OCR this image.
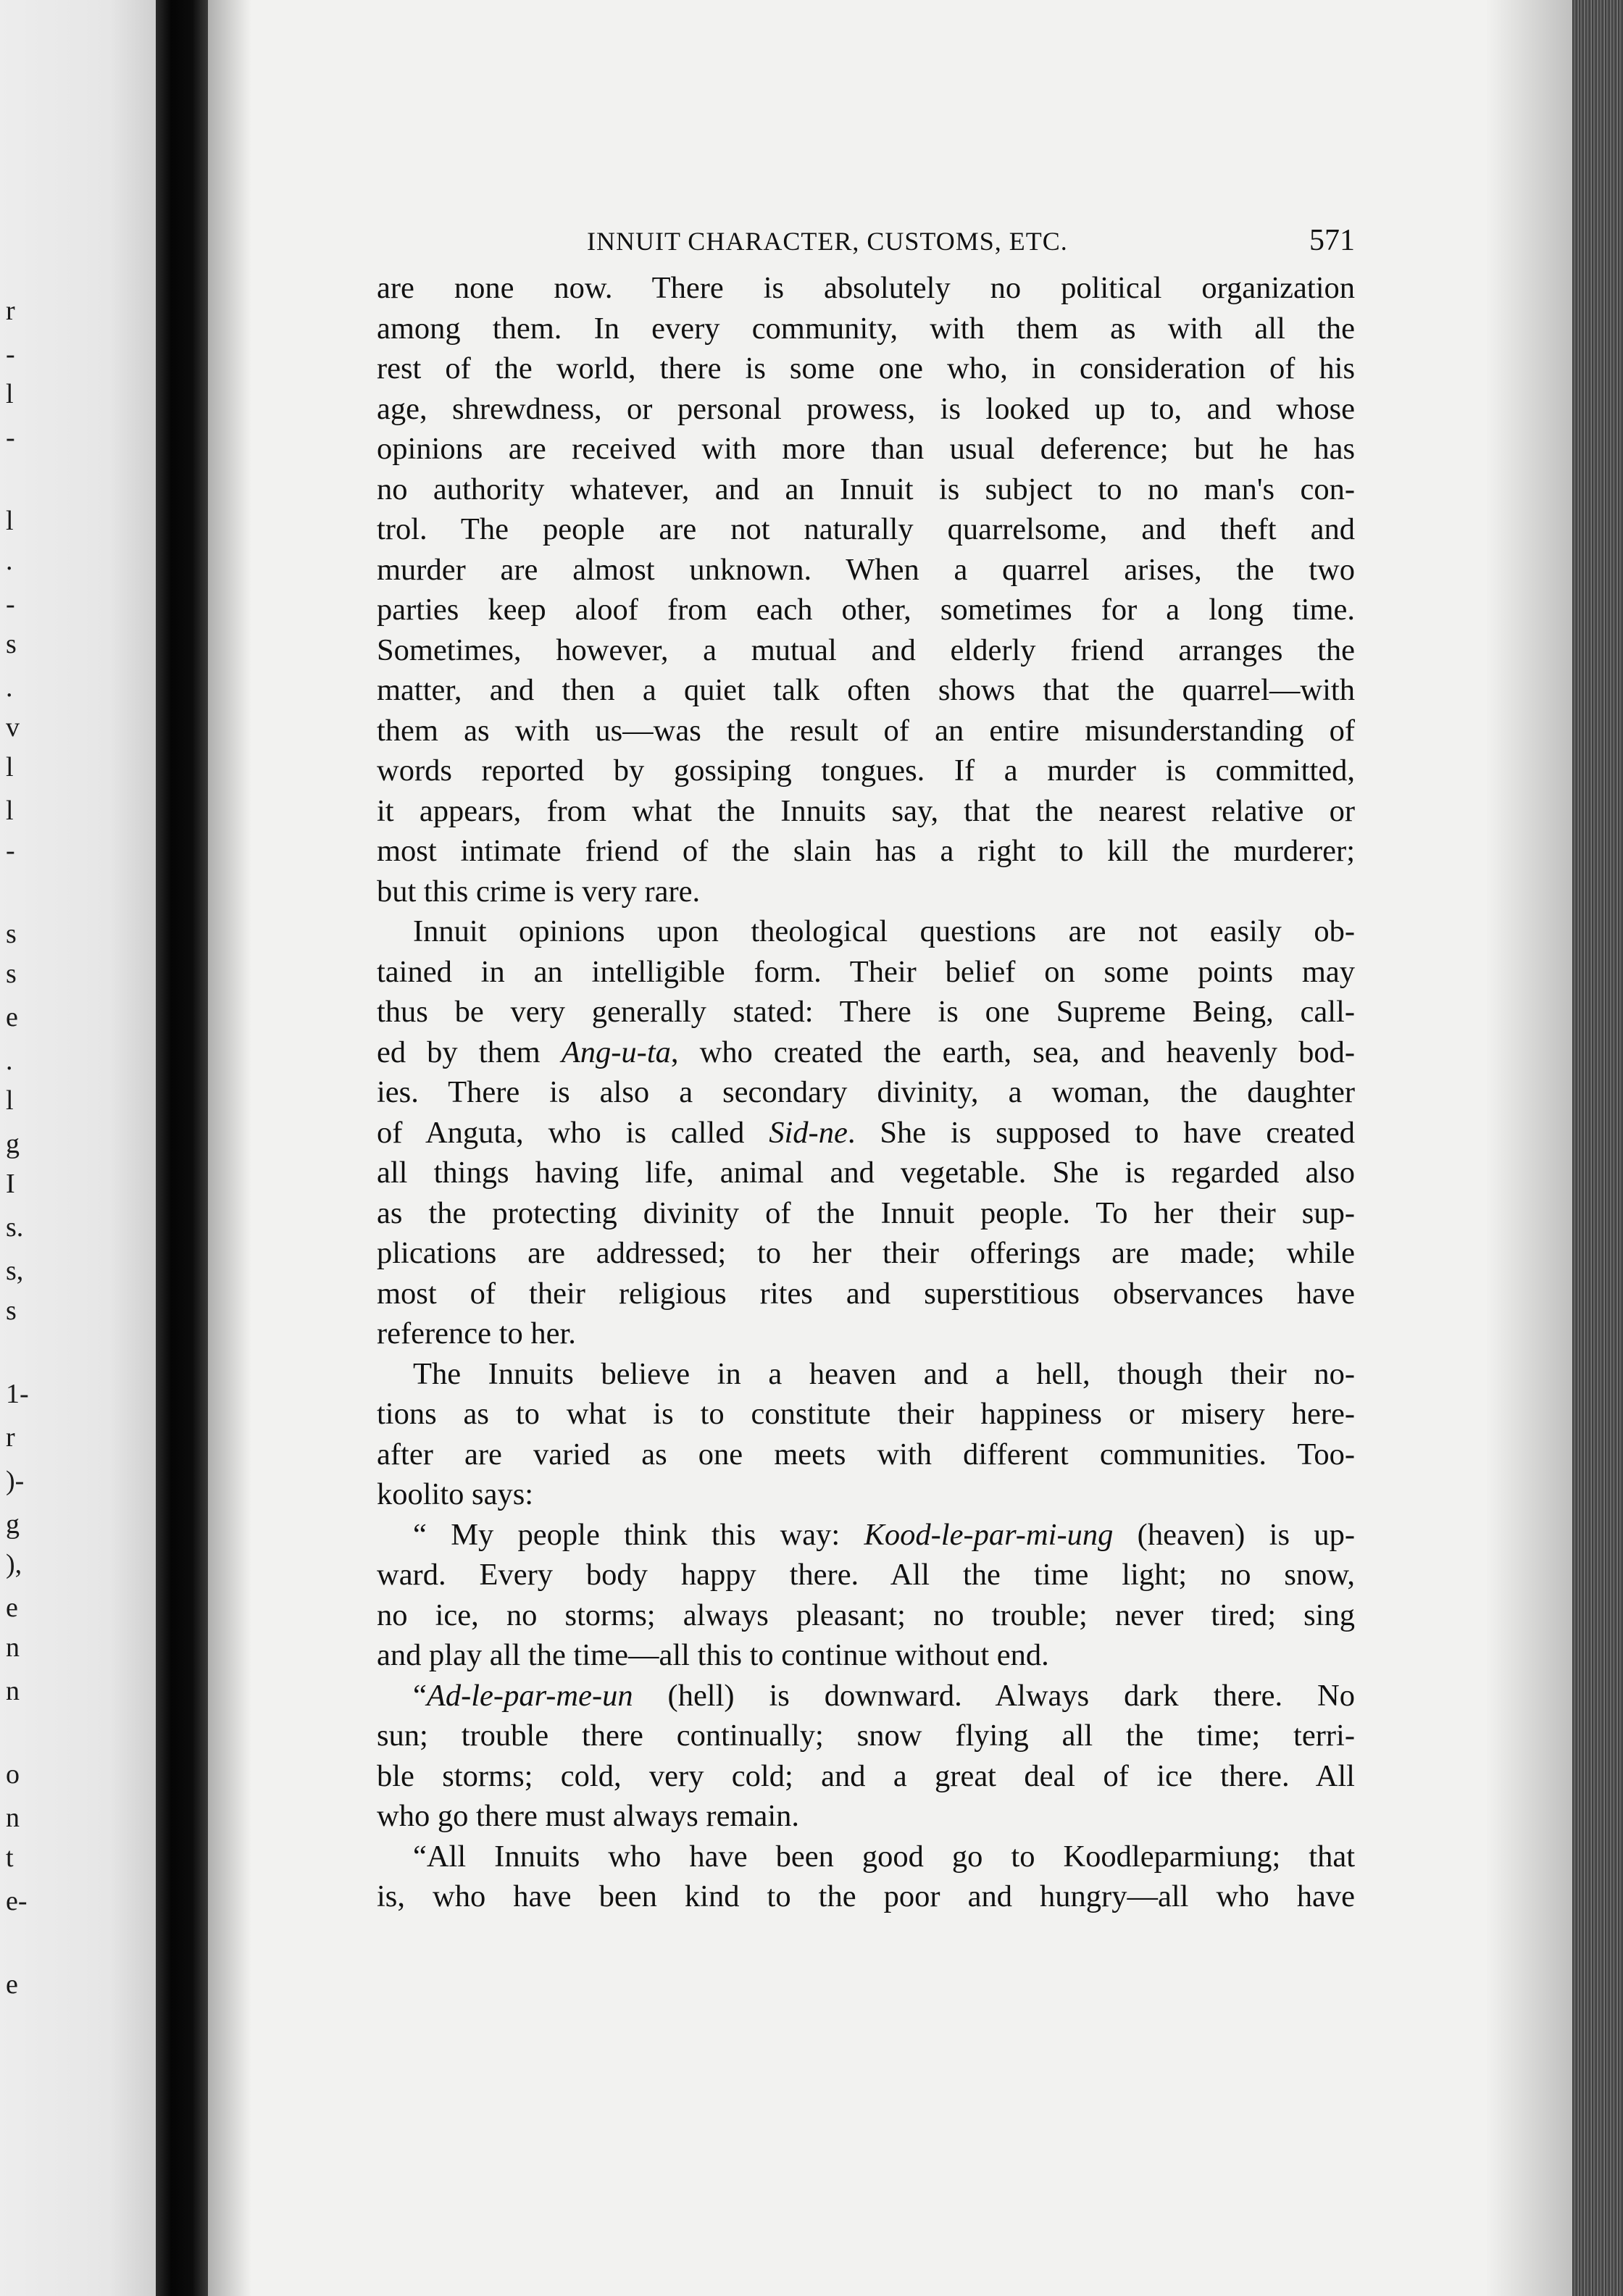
r
-
l
-
l
.
-
s
.
v
l
l
-
s
s
e
.
l
g
I
s.
s,
s
1-
r
)-
g
),
e
n
n
o
n
t
e-
e
INNUIT CHARACTER, CUSTOMS, ETC.	571
are none now. There is absolutely no political organization
among them. In every community, with them as with all the
rest of the world, there is some one who, in consideration of his
age, shrewdness, or personal prowess, is looked up to, and whose
opinions are received with more than usual deference; but he has
no authority whatever, and an Innuit is subject to no man's con-
trol. The people are not naturally quarrelsome, and theft and
murder are almost unknown. When a quarrel arises, the two
parties keep aloof from each other, sometimes for a long time.
Sometimes, however, a mutual and elderly friend arranges the
matter, and then a quiet talk often shows that the quarrel—with
them as with us—was the result of an entire misunderstanding of
words reported by gossiping tongues. If a murder is committed,
it appears, from what the Innuits say, that the nearest relative or
most intimate friend of the slain has a right to kill the murderer;
but this crime is very rare.
Innuit opinions upon theological questions are not easily ob-
tained in an intelligible form. Their belief on some points may
thus be very generally stated: There is one Supreme Being, call-
ed by them Ang-u-ta, who created the earth, sea, and heavenly bod-
ies. There is also a secondary divinity, a woman, the daughter
of Anguta, who is called Sid-ne. She is supposed to have created
all things having life, animal and vegetable. She is regarded also
as the protecting divinity of the Innuit people. To her their sup-
plications are addressed; to her their offerings are made; while
most of their religious rites and superstitious observances have
reference to her.
The Innuits believe in a heaven and a hell, though their no-
tions as to what is to constitute their happiness or misery here-
after are varied as one meets with different communities. Too-
koolito says:
“ My people think this way: Kood-le-par-mi-ung (heaven) is up-
ward. Every body happy there. All the time light; no snow,
no ice, no storms; always pleasant; no trouble; never tired; sing
and play all the time—all this to continue without end.
“Ad-le-par-me-un (hell) is downward. Always dark there. No
sun; trouble there continually; snow flying all the time; terri-
ble storms; cold, very cold; and a great deal of ice there. All
who go there must always remain.
“All Innuits who have been good go to Koodleparmiung; that
is, who have been kind to the poor and hungry—all who have
